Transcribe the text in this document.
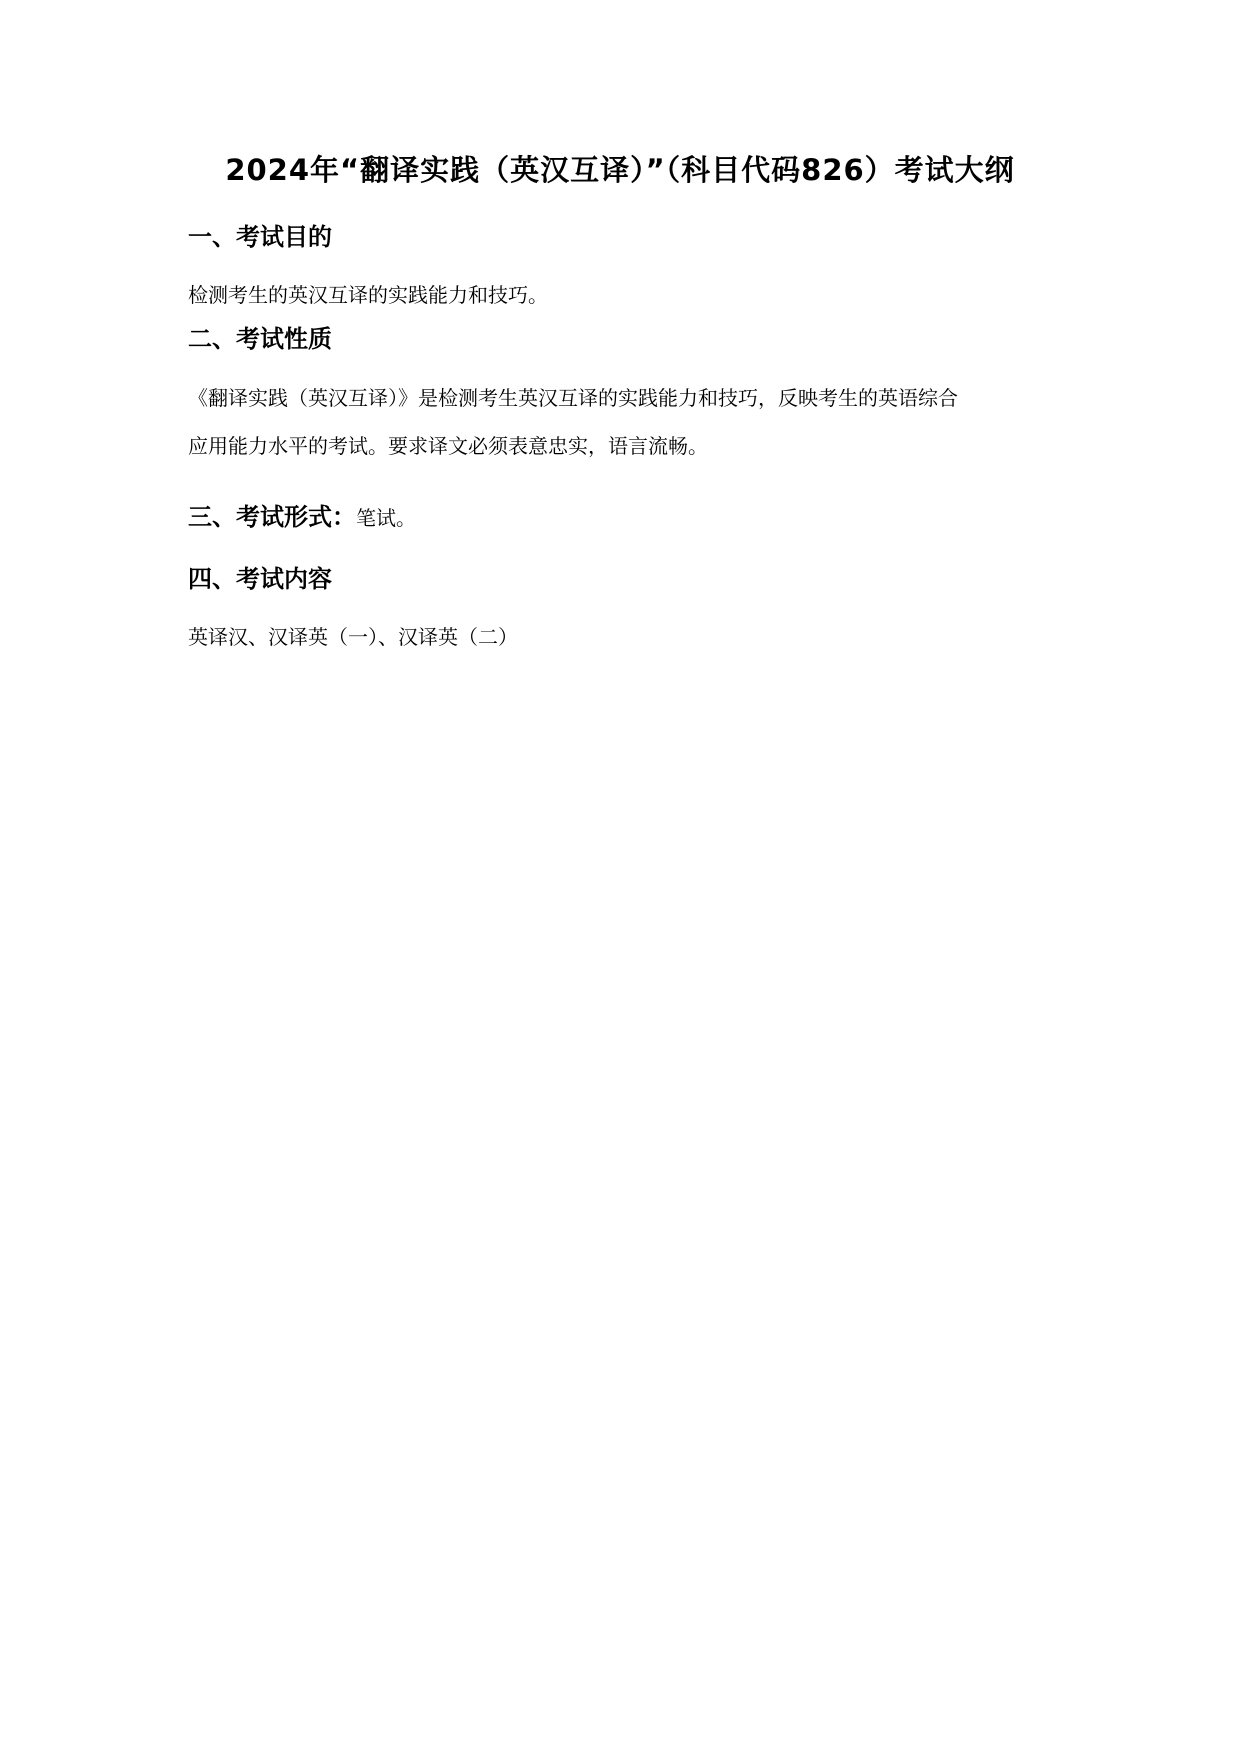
2024年“翻译实践（英汉互译）”（科目代码826）考试大纲
一、考试目的
检测考生的英汉互译的实践能力和技巧。
二、考试性质
《翻译实践（英汉互译）》是检测考生英汉互译的实践能力和技巧，反映考生的英语综合
应用能力水平的考试。要求译文必须表意忠实，语言流畅。
三、考试形式：笔试。
四、考试内容
英译汉、汉译英（一）、汉译英（二）
